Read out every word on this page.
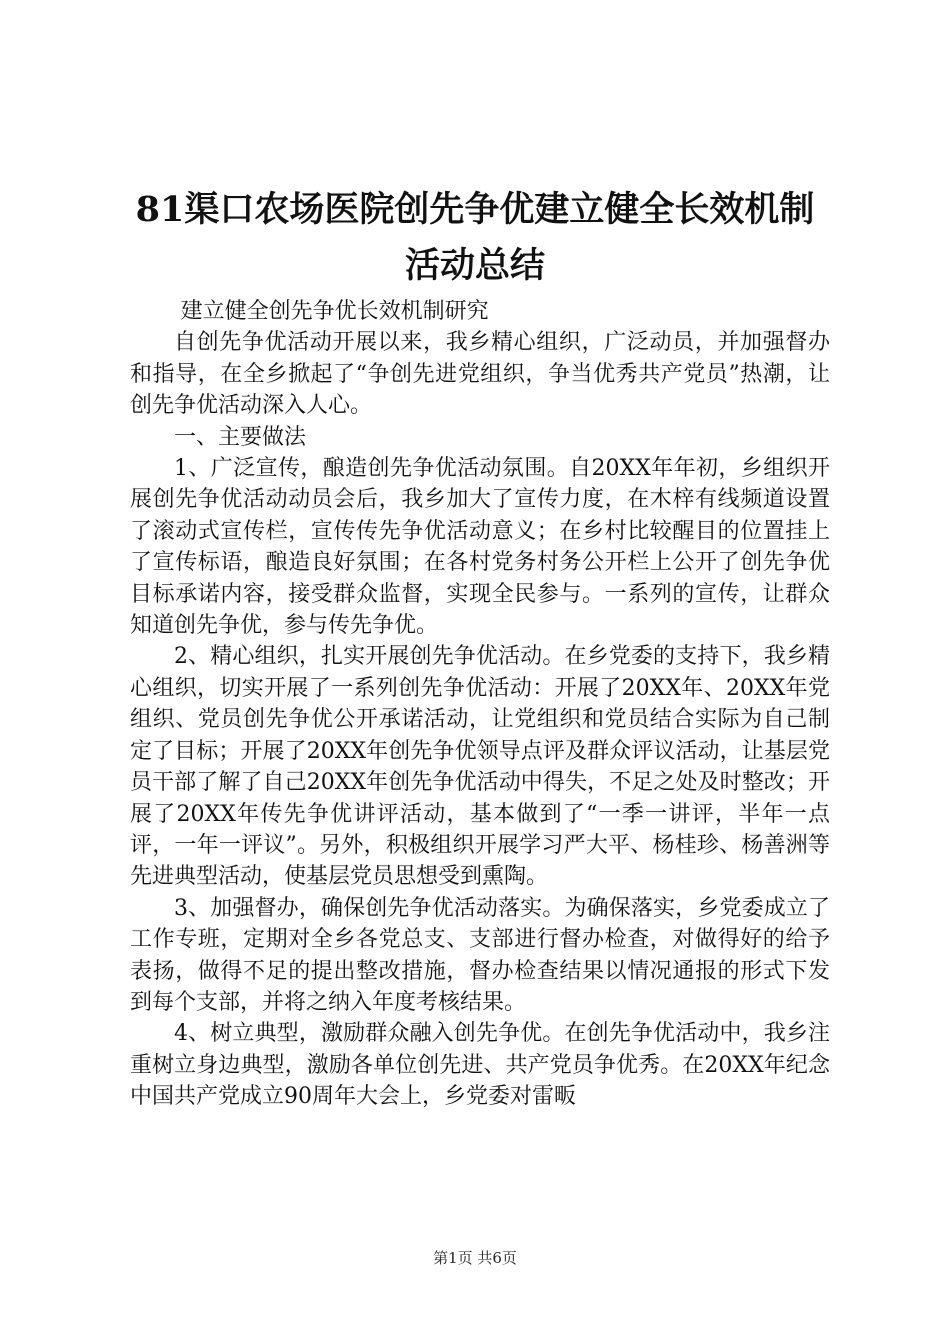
81渠口农场医院创先争优建立健全长效机制
活动总结

建立健全创先争优长效机制研究

自创先争优活动开展以来，我乡精心组织，广泛动员，并加强督办和指导，在全乡掀起了“争创先进党组织，争当优秀共产党员”热潮，让创先争优活动深入人心。

一、主要做法

1、广泛宣传，酿造创先争优活动氛围。自20XX年年初，乡组织开展创先争优活动动员会后，我乡加大了宣传力度，在木梓有线频道设置了滚动式宣传栏，宣传传先争优活动意义；在乡村比较醒目的位置挂上了宣传标语，酿造良好氛围；在各村党务村务公开栏上公开了创先争优目标承诺内容，接受群众监督，实现全民参与。一系列的宣传，让群众知道创先争优，参与传先争优。

2、精心组织，扎实开展创先争优活动。在乡党委的支持下，我乡精心组织，切实开展了一系列创先争优活动：开展了20XX年、20XX年党组织、党员创先争优公开承诺活动，让党组织和党员结合实际为自己制定了目标；开展了20XX年创先争优领导点评及群众评议活动，让基层党员干部了解了自己20XX年创先争优活动中得失，不足之处及时整改；开展了20XX年传先争优讲评活动，基本做到了“一季一讲评，半年一点评，一年一评议”。另外，积极组织开展学习严大平、杨桂珍、杨善洲等先进典型活动，使基层党员思想受到熏陶。

3、加强督办，确保创先争优活动落实。为确保落实，乡党委成立了工作专班，定期对全乡各党总支、支部进行督办检查，对做得好的给予表扬，做得不足的提出整改措施，督办检查结果以情况通报的形式下发到每个支部，并将之纳入年度考核结果。

4、树立典型，激励群众融入创先争优。在创先争优活动中，我乡注重树立身边典型，激励各单位创先进、共产党员争优秀。在20XX年纪念中国共产党成立90周年大会上，乡党委对雷畈

第1页 共6页
